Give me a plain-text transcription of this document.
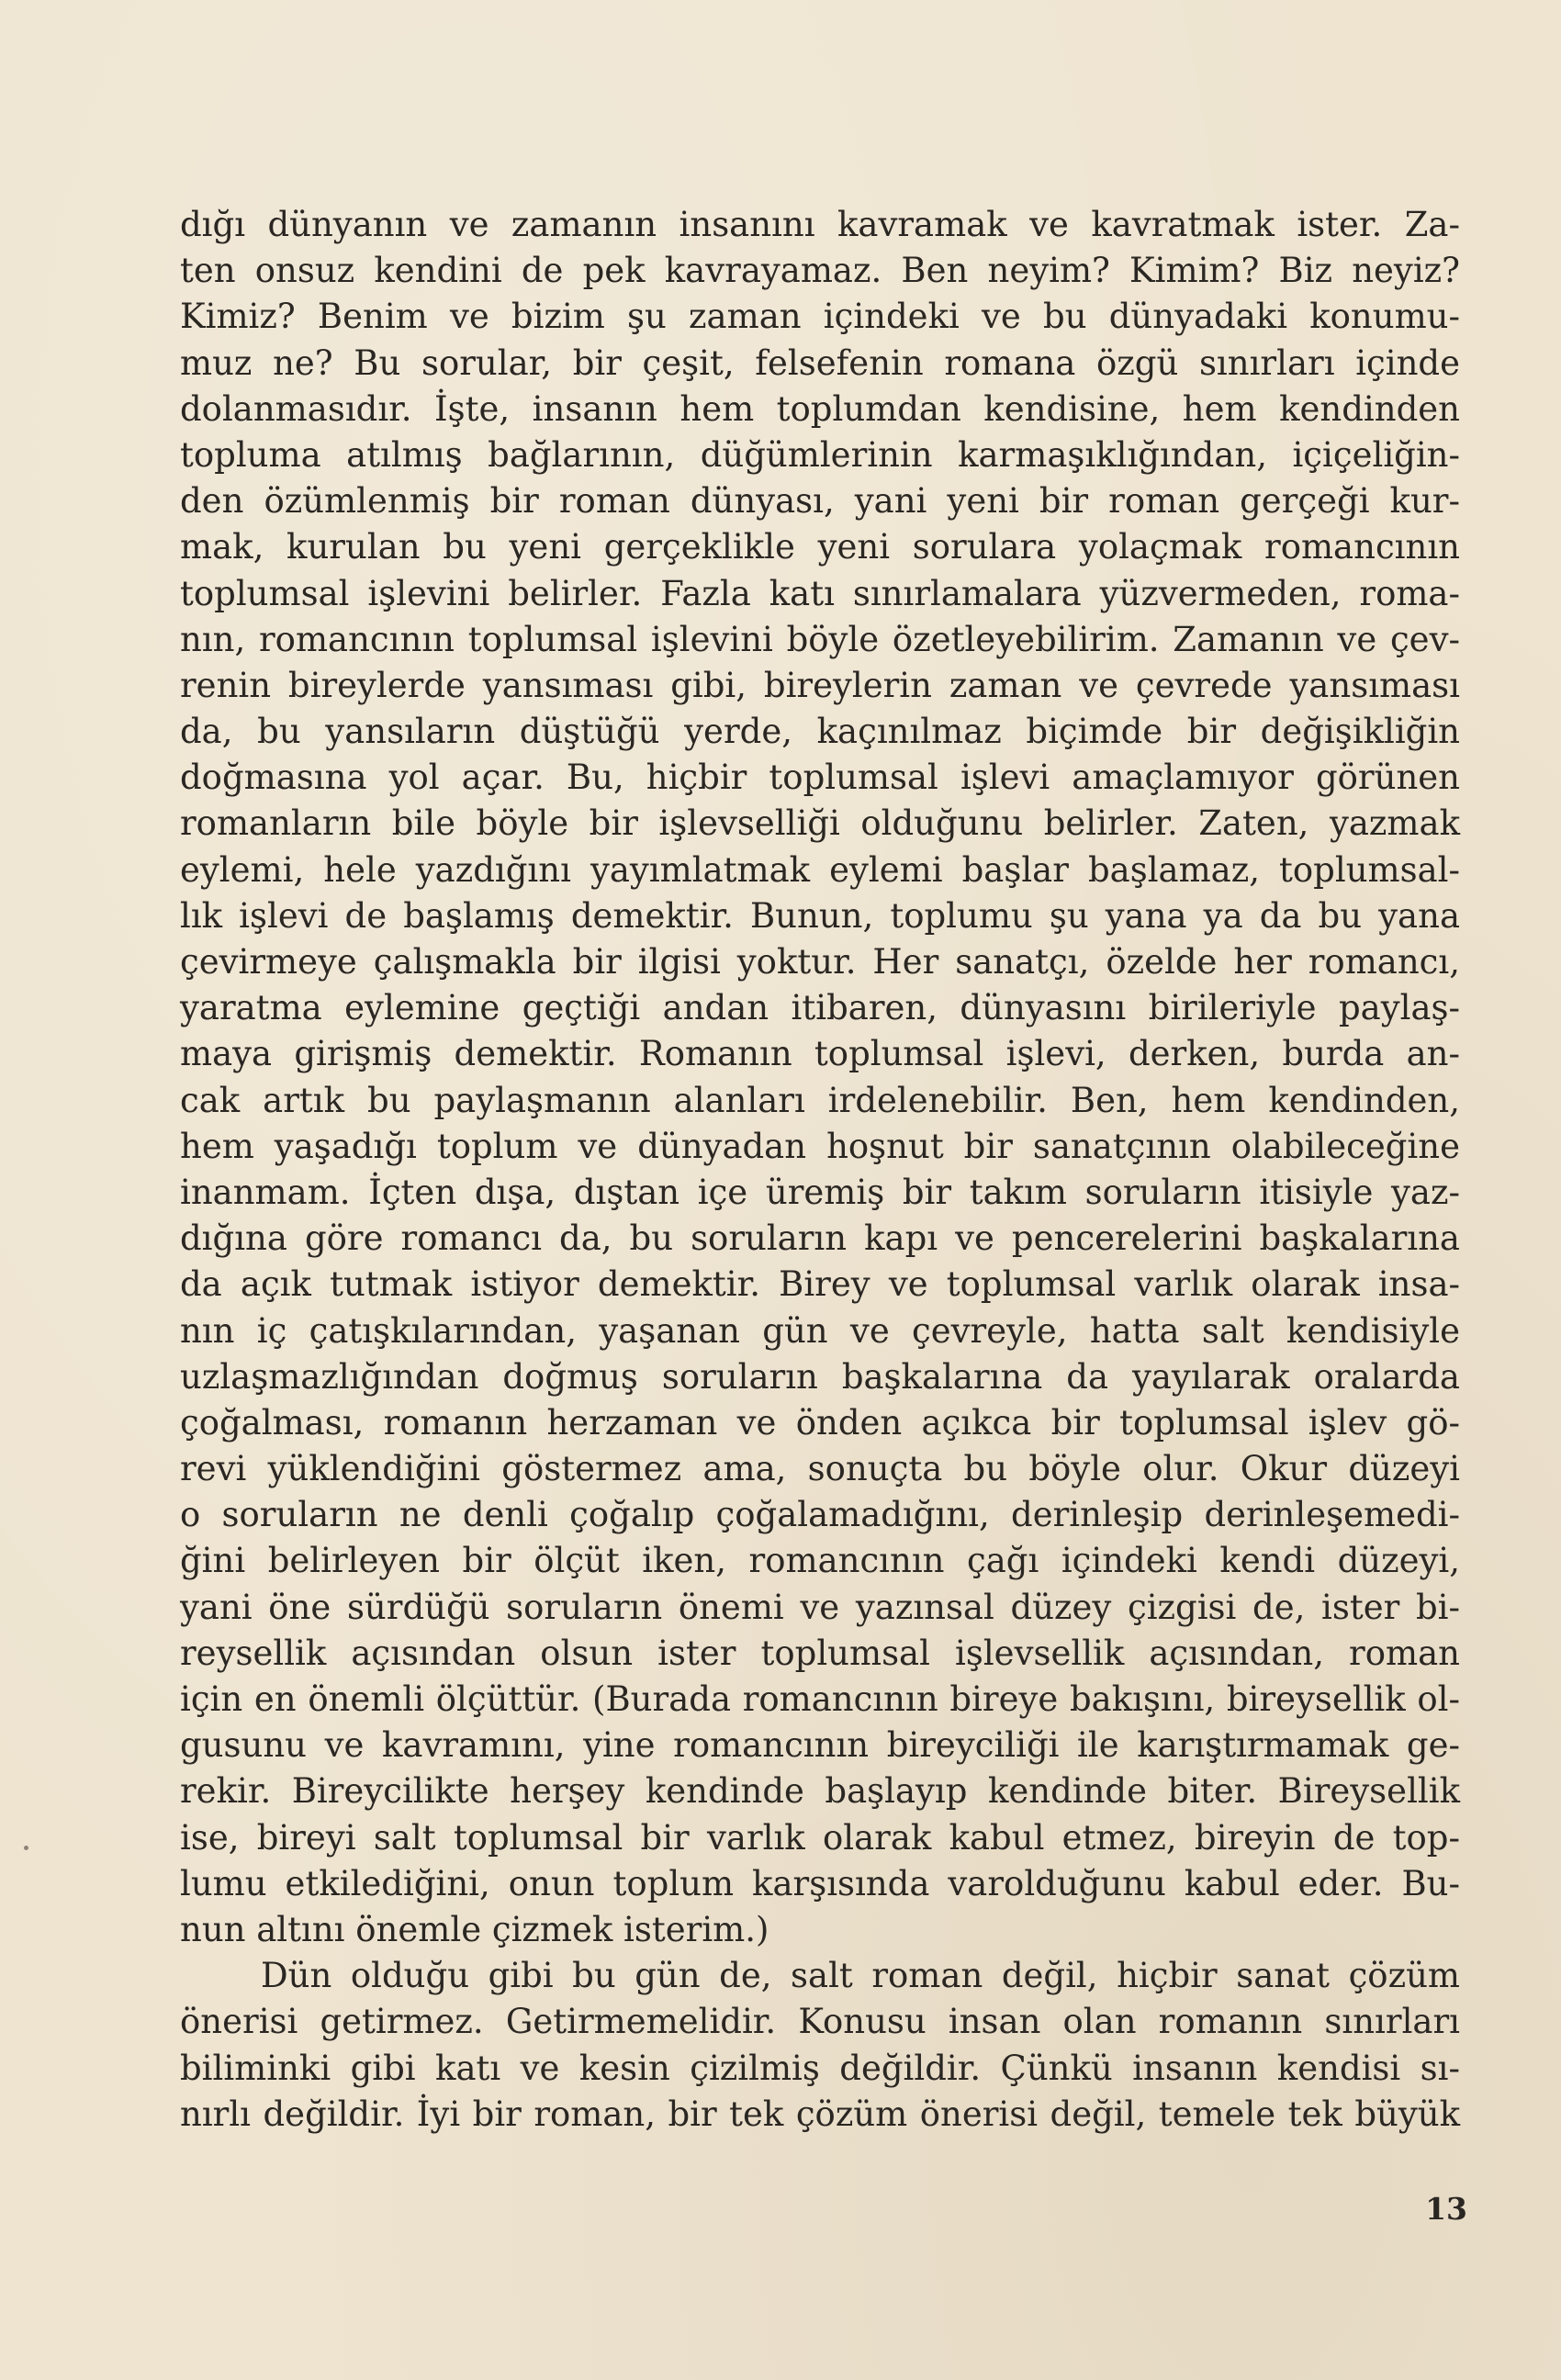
dığı dünyanın ve zamanın insanını kavramak ve kavratmak ister. Za-
ten onsuz kendini de pek kavrayamaz. Ben neyim? Kimim? Biz neyiz?
Kimiz? Benim ve bizim şu zaman içindeki ve bu dünyadaki konumu-
muz ne? Bu sorular, bir çeşit, felsefenin romana özgü sınırları içinde
dolanmasıdır. İşte, insanın hem toplumdan kendisine, hem kendinden
topluma atılmış bağlarının, düğümlerinin karmaşıklığından, içiçeliğin-
den özümlenmiş bir roman dünyası, yani yeni bir roman gerçeği kur-
mak, kurulan bu yeni gerçeklikle yeni sorulara yolaçmak romancının
toplumsal işlevini belirler. Fazla katı sınırlamalara yüzvermeden, roma-
nın, romancının toplumsal işlevini böyle özetleyebilirim. Zamanın ve çev-
renin bireylerde yansıması gibi, bireylerin zaman ve çevrede yansıması
da, bu yansıların düştüğü yerde, kaçınılmaz biçimde bir değişikliğin
doğmasına yol açar. Bu, hiçbir toplumsal işlevi amaçlamıyor görünen
romanların bile böyle bir işlevselliği olduğunu belirler. Zaten, yazmak
eylemi, hele yazdığını yayımlatmak eylemi başlar başlamaz, toplumsal-
lık işlevi de başlamış demektir. Bunun, toplumu şu yana ya da bu yana
çevirmeye çalışmakla bir ilgisi yoktur. Her sanatçı, özelde her romancı,
yaratma eylemine geçtiği andan itibaren, dünyasını birileriyle paylaş-
maya girişmiş demektir. Romanın toplumsal işlevi, derken, burda an-
cak artık bu paylaşmanın alanları irdelenebilir. Ben, hem kendinden,
hem yaşadığı toplum ve dünyadan hoşnut bir sanatçının olabileceğine
inanmam. İçten dışa, dıştan içe üremiş bir takım soruların itisiyle yaz-
dığına göre romancı da, bu soruların kapı ve pencerelerini başkalarına
da açık tutmak istiyor demektir. Birey ve toplumsal varlık olarak insa-
nın iç çatışkılarından, yaşanan gün ve çevreyle, hatta salt kendisiyle
uzlaşmazlığından doğmuş soruların başkalarına da yayılarak oralarda
çoğalması, romanın herzaman ve önden açıkca bir toplumsal işlev gö-
revi yüklendiğini göstermez ama, sonuçta bu böyle olur. Okur düzeyi
o soruların ne denli çoğalıp çoğalamadığını, derinleşip derinleşemedi-
ğini belirleyen bir ölçüt iken, romancının çağı içindeki kendi düzeyi,
yani öne sürdüğü soruların önemi ve yazınsal düzey çizgisi de, ister bi-
reysellik açısından olsun ister toplumsal işlevsellik açısından, roman
için en önemli ölçüttür. (Burada romancının bireye bakışını, bireysellik ol-
gusunu ve kavramını, yine romancının bireyciliği ile karıştırmamak ge-
rekir. Bireycilikte herşey kendinde başlayıp kendinde biter. Bireysellik
ise, bireyi salt toplumsal bir varlık olarak kabul etmez, bireyin de top-
lumu etkilediğini, onun toplum karşısında varolduğunu kabul eder. Bu-
nun altını önemle çizmek isterim.)
Dün olduğu gibi bu gün de, salt roman değil, hiçbir sanat çözüm
önerisi getirmez. Getirmemelidir. Konusu insan olan romanın sınırları
biliminki gibi katı ve kesin çizilmiş değildir. Çünkü insanın kendisi sı-
nırlı değildir. İyi bir roman, bir tek çözüm önerisi değil, temele tek büyük
13
